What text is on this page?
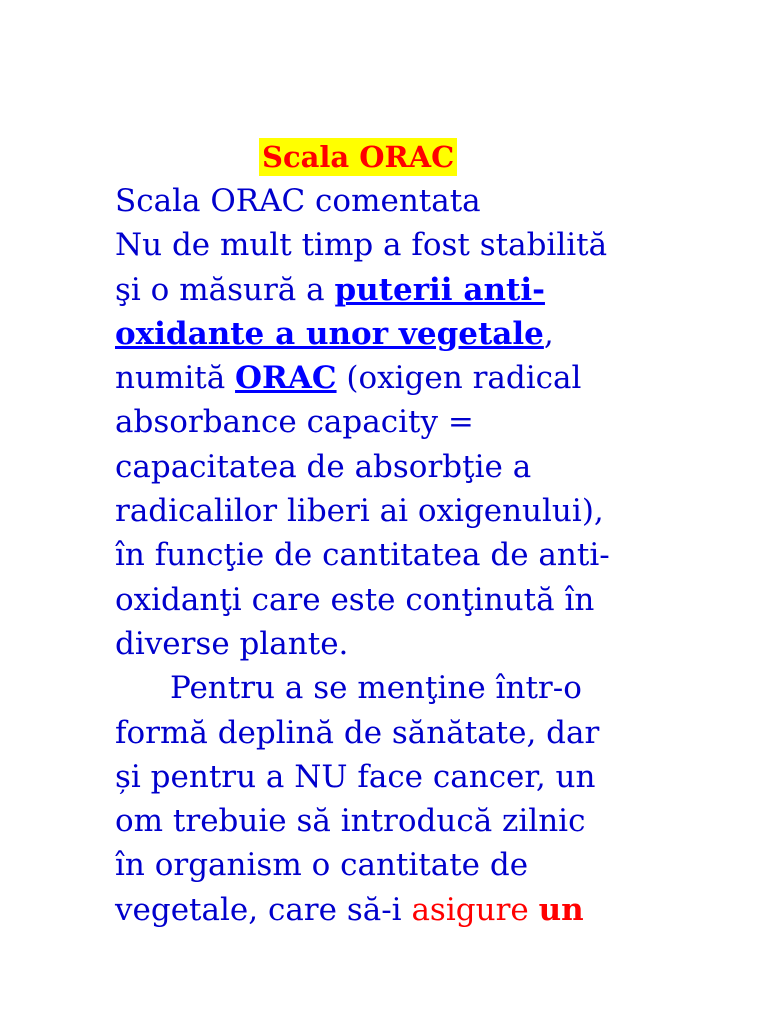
Scala ORAC
Scala ORAC comentata
Nu de mult timp a fost stabilită
şi o măsură a puterii anti-
oxidante a unor vegetale,
numită ORAC (oxigen radical
absorbance capacity =
capacitatea de absorbţie a
radicalilor liberi ai oxigenului),
în funcţie de cantitatea de anti-
oxidanţi care este conţinută în
diverse plante.
Pentru a se menţine într-o
formă deplină de sănătate, dar
și pentru a NU face cancer, un
om trebuie să introducă zilnic
în organism o cantitate de
vegetale, care să-i asigure un
